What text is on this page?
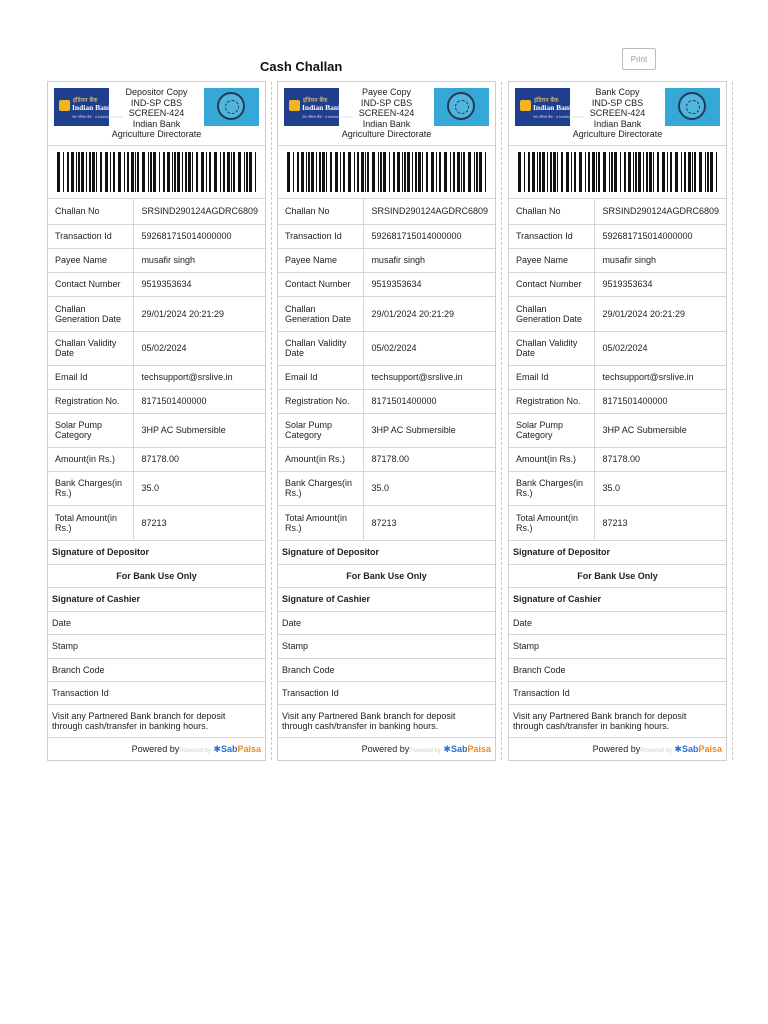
Cash Challan	Print
इंडियन बैंक
Indian Bank
एक परिवार बैंक · A tradition of trust
Depositor Copy
IND-SP CBS SCREEN-424
Indian Bank
Agriculture Directorate
Challan No	SRSIND290124AGDRC6809
Transaction Id	592681715014000000
Payee Name	musafir singh
Contact Number	9519353634
Challan Generation Date	29/01/2024 20:21:29
Challan Validity Date	05/02/2024
Email Id	techsupport@srslive.in
Registration No.	8171501400000
Solar Pump Category	3HP AC Submersible
Amount(in Rs.)	87178.00
Bank Charges(in Rs.)	35.0
Total Amount(in Rs.)	87213
Signature of Depositor	
For Bank Use Only	
Signature of Cashier	
Date	
Stamp	
Branch Code	
Transaction Id	
Visit any Partnered Bank branch for deposit through cash/transfer in banking hours.	
Powered byPowered by ✱SabPaisa
इंडियन बैंक
Indian Bank
एक परिवार बैंक · A tradition of trust
Payee Copy
IND-SP CBS SCREEN-424
Indian Bank
Agriculture Directorate
Challan No	SRSIND290124AGDRC6809
Transaction Id	592681715014000000
Payee Name	musafir singh
Contact Number	9519353634
Challan Generation Date	29/01/2024 20:21:29
Challan Validity Date	05/02/2024
Email Id	techsupport@srslive.in
Registration No.	8171501400000
Solar Pump Category	3HP AC Submersible
Amount(in Rs.)	87178.00
Bank Charges(in Rs.)	35.0
Total Amount(in Rs.)	87213
Signature of Depositor	
For Bank Use Only	
Signature of Cashier	
Date	
Stamp	
Branch Code	
Transaction Id	
Visit any Partnered Bank branch for deposit through cash/transfer in banking hours.	
Powered byPowered by ✱SabPaisa
इंडियन बैंक
Indian Bank
एक परिवार बैंक · A tradition of trust
Bank Copy
IND-SP CBS SCREEN-424
Indian Bank
Agriculture Directorate
Challan No	SRSIND290124AGDRC6809
Transaction Id	592681715014000000
Payee Name	musafir singh
Contact Number	9519353634
Challan Generation Date	29/01/2024 20:21:29
Challan Validity Date	05/02/2024
Email Id	techsupport@srslive.in
Registration No.	8171501400000
Solar Pump Category	3HP AC Submersible
Amount(in Rs.)	87178.00
Bank Charges(in Rs.)	35.0
Total Amount(in Rs.)	87213
Signature of Depositor	
For Bank Use Only	
Signature of Cashier	
Date	
Stamp	
Branch Code	
Transaction Id	
Visit any Partnered Bank branch for deposit through cash/transfer in banking hours.	
Powered byPowered by ✱SabPaisa
